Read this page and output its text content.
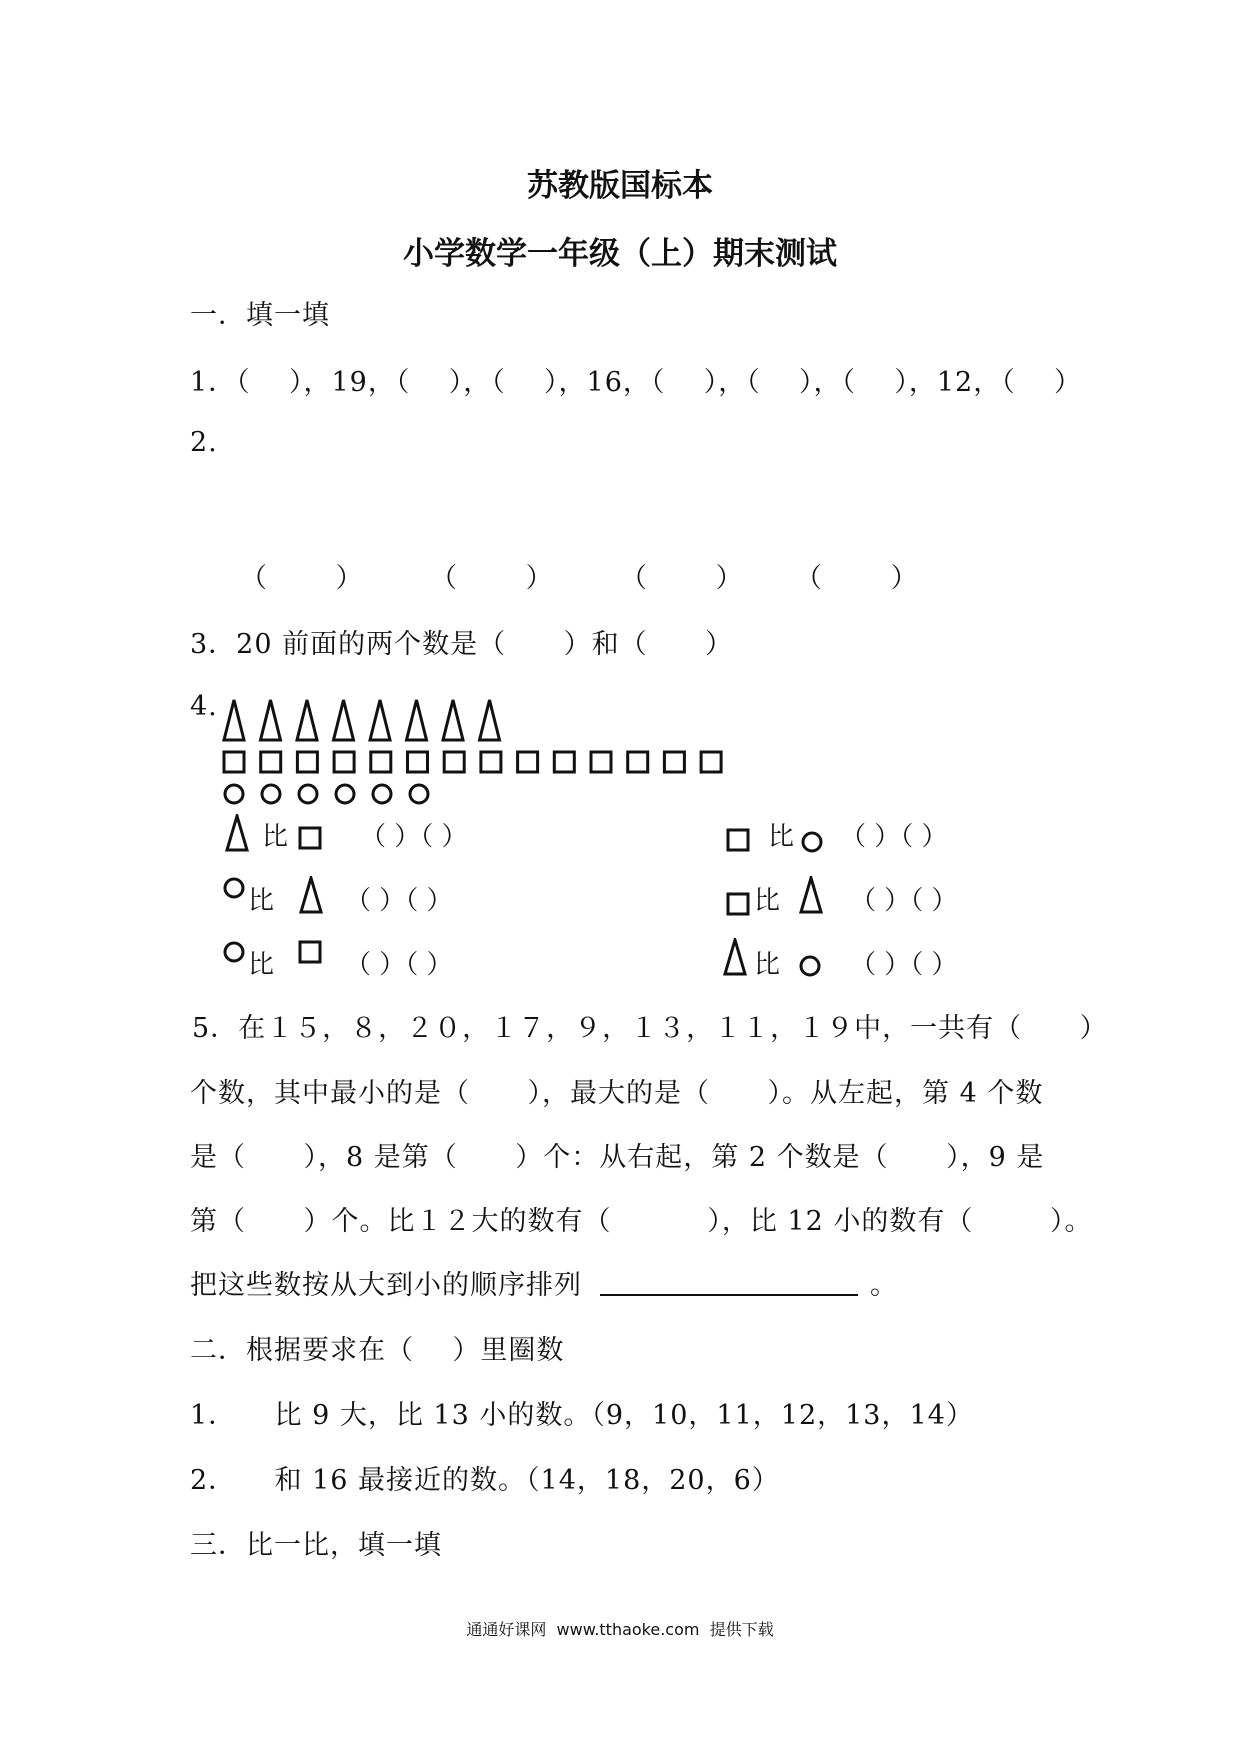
苏教版国标本
小学数学一年级（上）期末测试
一．填一填
1．（    ），19，（    ），（    ），16，（    ），（    ），（    ），12，（    ）
2.
（        ） （        ） （        ） （        ）
3．20 前面的两个数是（      ）和（      ）
4.
比	（ ）（ ）
比	（ ）（ ）
比	（ ）（ ）
比 （ ）（ ）
比	（ ）（ ）
比	（ ）（ ）
5．在１５，８，２０，１７，９，１３，１１，１９中，一共有（      ）
个数，其中最小的是（      ），最大的是（      ）。从左起，第 4 个数
是（      ），8 是第（      ）个：从右起，第 2 个数是（      ），9 是
第（      ）个。比１２大的数有（          ），比 12 小的数有（        ）。
把这些数按从大到小的顺序排列	。
二．根据要求在（    ）里圈数
1．    比 9 大，比 13 小的数。（9，10，11，12，13，14）
2．    和 16 最接近的数。（14，18，20，6）
三．比一比，填一填
通通好课网  www.tthaoke.com  提供下载
